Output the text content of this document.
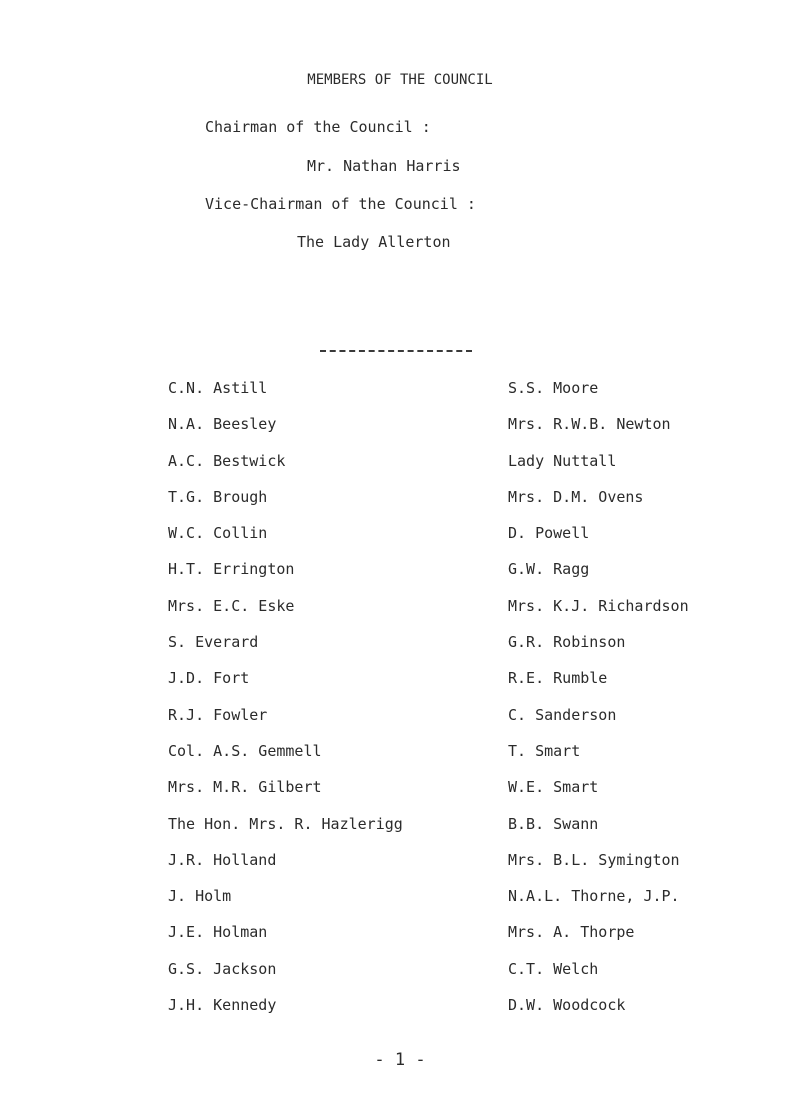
MEMBERS OF THE COUNCIL
Chairman of the Council :
Mr. Nathan Harris
Vice-Chairman of the Council :
The Lady Allerton
C.N. Astill
N.A. Beesley
A.C. Bestwick
T.G. Brough
W.C. Collin
H.T. Errington
Mrs. E.C. Eske
S. Everard
J.D. Fort
R.J. Fowler
Col. A.S. Gemmell
Mrs. M.R. Gilbert
The Hon. Mrs. R. Hazlerigg
J.R. Holland
J. Holm
J.E. Holman
G.S. Jackson
J.H. Kennedy
S.S. Moore
Mrs. R.W.B. Newton
Lady Nuttall
Mrs. D.M. Ovens
D. Powell
G.W. Ragg
Mrs. K.J. Richardson
G.R. Robinson
R.E. Rumble
C. Sanderson
T. Smart
W.E. Smart
B.B. Swann
Mrs. B.L. Symington
N.A.L. Thorne, J.P.
Mrs. A. Thorpe
C.T. Welch
D.W. Woodcock
- 1 -
